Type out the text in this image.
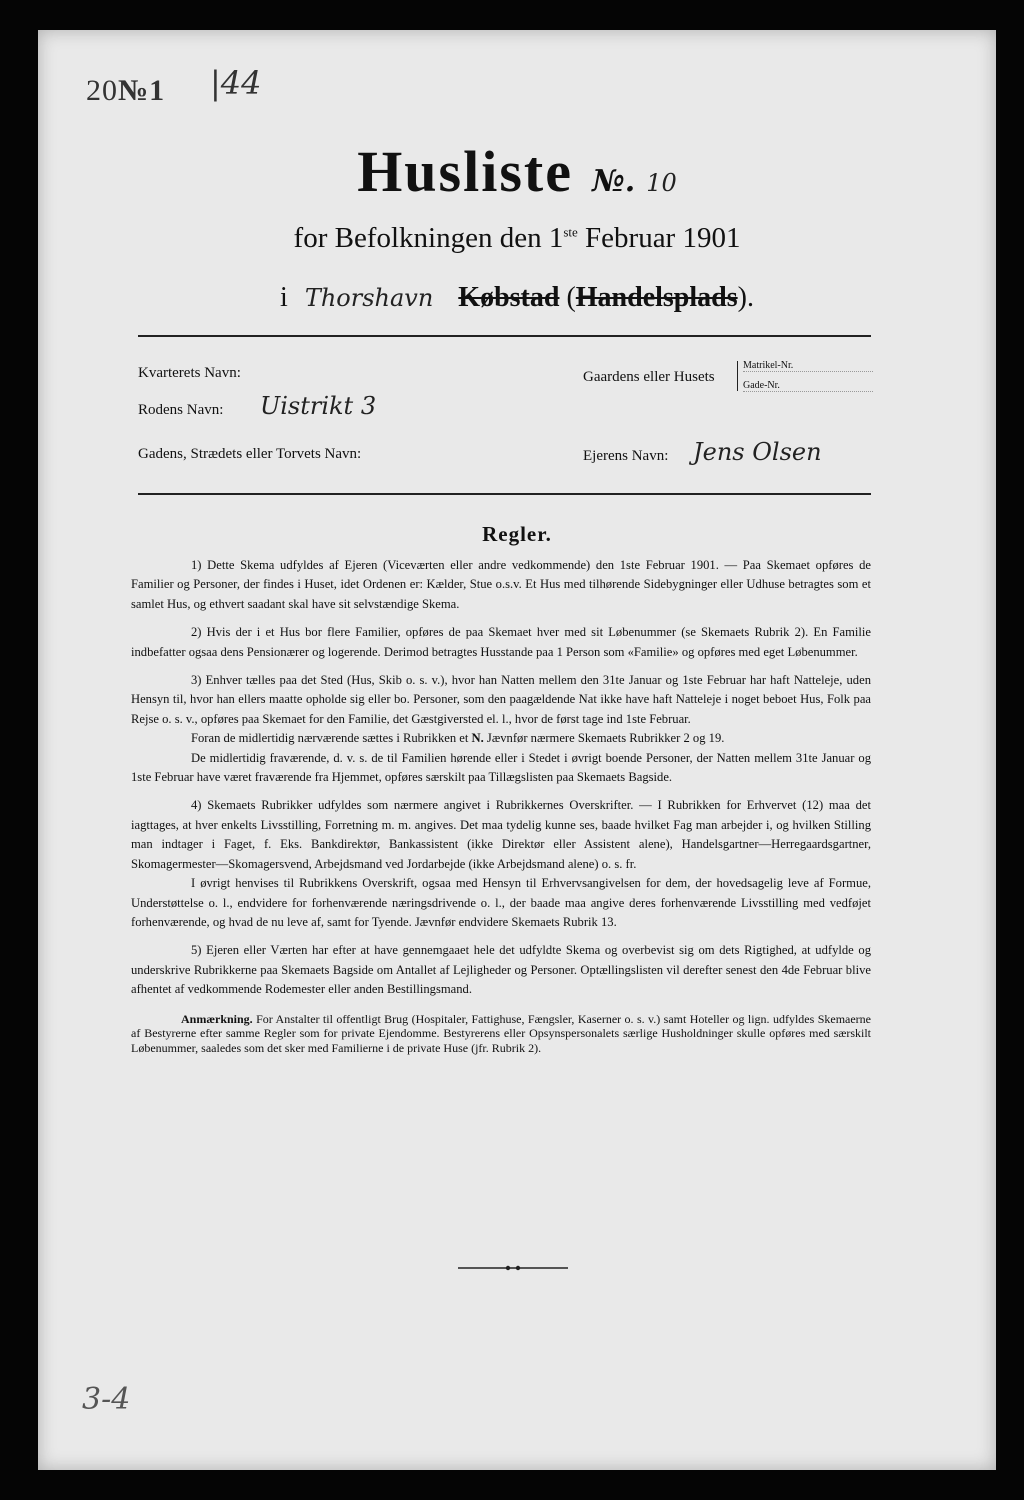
20№1 |44
Husliste №. 10
for Befolkningen den 1ste Februar 1901
i Thorshavn Købstad (Handelsplads).
Kvarterets Navn:
Rodens Navn: Uistrikt 3
Gadens, Strædets eller Torvets Navn:
Gaardens eller Husets
Matrikel-Nr.
Gade-Nr.
Ejerens Navn: Jens Olsen
Regler.

1) Dette Skema udfyldes af Ejeren (Viceværten eller andre vedkommende) den 1ste Februar 1901. — Paa Skemaet opføres de Familier og Personer, der findes i Huset, idet Ordenen er: Kælder, Stue o.s.v. Et Hus med tilhørende Sidebygninger eller Udhuse betragtes som et samlet Hus, og ethvert saadant skal have sit selvstændige Skema.

2) Hvis der i et Hus bor flere Familier, opføres de paa Skemaet hver med sit Løbenummer (se Skemaets Rubrik 2). En Familie indbefatter ogsaa dens Pensionærer og logerende. Derimod betragtes Husstande paa 1 Person som «Familie» og opføres med eget Løbenummer.

3) Enhver tælles paa det Sted (Hus, Skib o. s. v.), hvor han Natten mellem den 31te Januar og 1ste Februar har haft Natteleje, uden Hensyn til, hvor han ellers maatte opholde sig eller bo. Personer, som den paagældende Nat ikke have haft Natteleje i noget beboet Hus, Folk paa Rejse o. s. v., opføres paa Skemaet for den Familie, det Gæstgiversted el. l., hvor de først tage ind 1ste Februar.

Foran de midlertidig nærværende sættes i Rubrikken et N. Jævnfør nærmere Skemaets Rubrikker 2 og 19.

De midlertidig fraværende, d. v. s. de til Familien hørende eller i Stedet i øvrigt boende Personer, der Natten mellem 31te Januar og 1ste Februar have været fraværende fra Hjemmet, opføres særskilt paa Tillægslisten paa Skemaets Bagside.

4) Skemaets Rubrikker udfyldes som nærmere angivet i Rubrikkernes Overskrifter. — I Rubrikken for Erhvervet (12) maa det iagttages, at hver enkelts Livsstilling, Forretning m. m. angives. Det maa tydelig kunne ses, baade hvilket Fag man arbejder i, og hvilken Stilling man indtager i Faget, f. Eks. Bankdirektør, Bankassistent (ikke Direktør eller Assistent alene), Handelsgartner—Herregaardsgartner, Skomagermester—Skomagersvend, Arbejdsmand ved Jordarbejde (ikke Arbejdsmand alene) o. s. fr.

I øvrigt henvises til Rubrikkens Overskrift, ogsaa med Hensyn til Erhvervsangivelsen for dem, der hovedsagelig leve af Formue, Understøttelse o. l., endvidere for forhenværende næringsdrivende o. l., der baade maa angive deres forhenværende Livsstilling med vedføjet forhenværende, og hvad de nu leve af, samt for Tyende. Jævnfør endvidere Skemaets Rubrik 13.

5) Ejeren eller Værten har efter at have gennemgaaet hele det udfyldte Skema og overbevist sig om dets Rigtighed, at udfylde og underskrive Rubrikkerne paa Skemaets Bagside om Antallet af Lejligheder og Personer. Optællingslisten vil derefter senest den 4de Februar blive afhentet af vedkommende Rodemester eller anden Bestillingsmand.

Anmærkning. For Anstalter til offentligt Brug (Hospitaler, Fattighuse, Fængsler, Kaserner o. s. v.) samt Hoteller og lign. udfyldes Skemaerne af Bestyrerne efter samme Regler som for private Ejendomme. Bestyrerens eller Opsynspersonalets særlige Husholdninger skulle opføres med særskilt Løbenummer, saaledes som det sker med Familierne i de private Huse (jfr. Rubrik 2).

3-4
